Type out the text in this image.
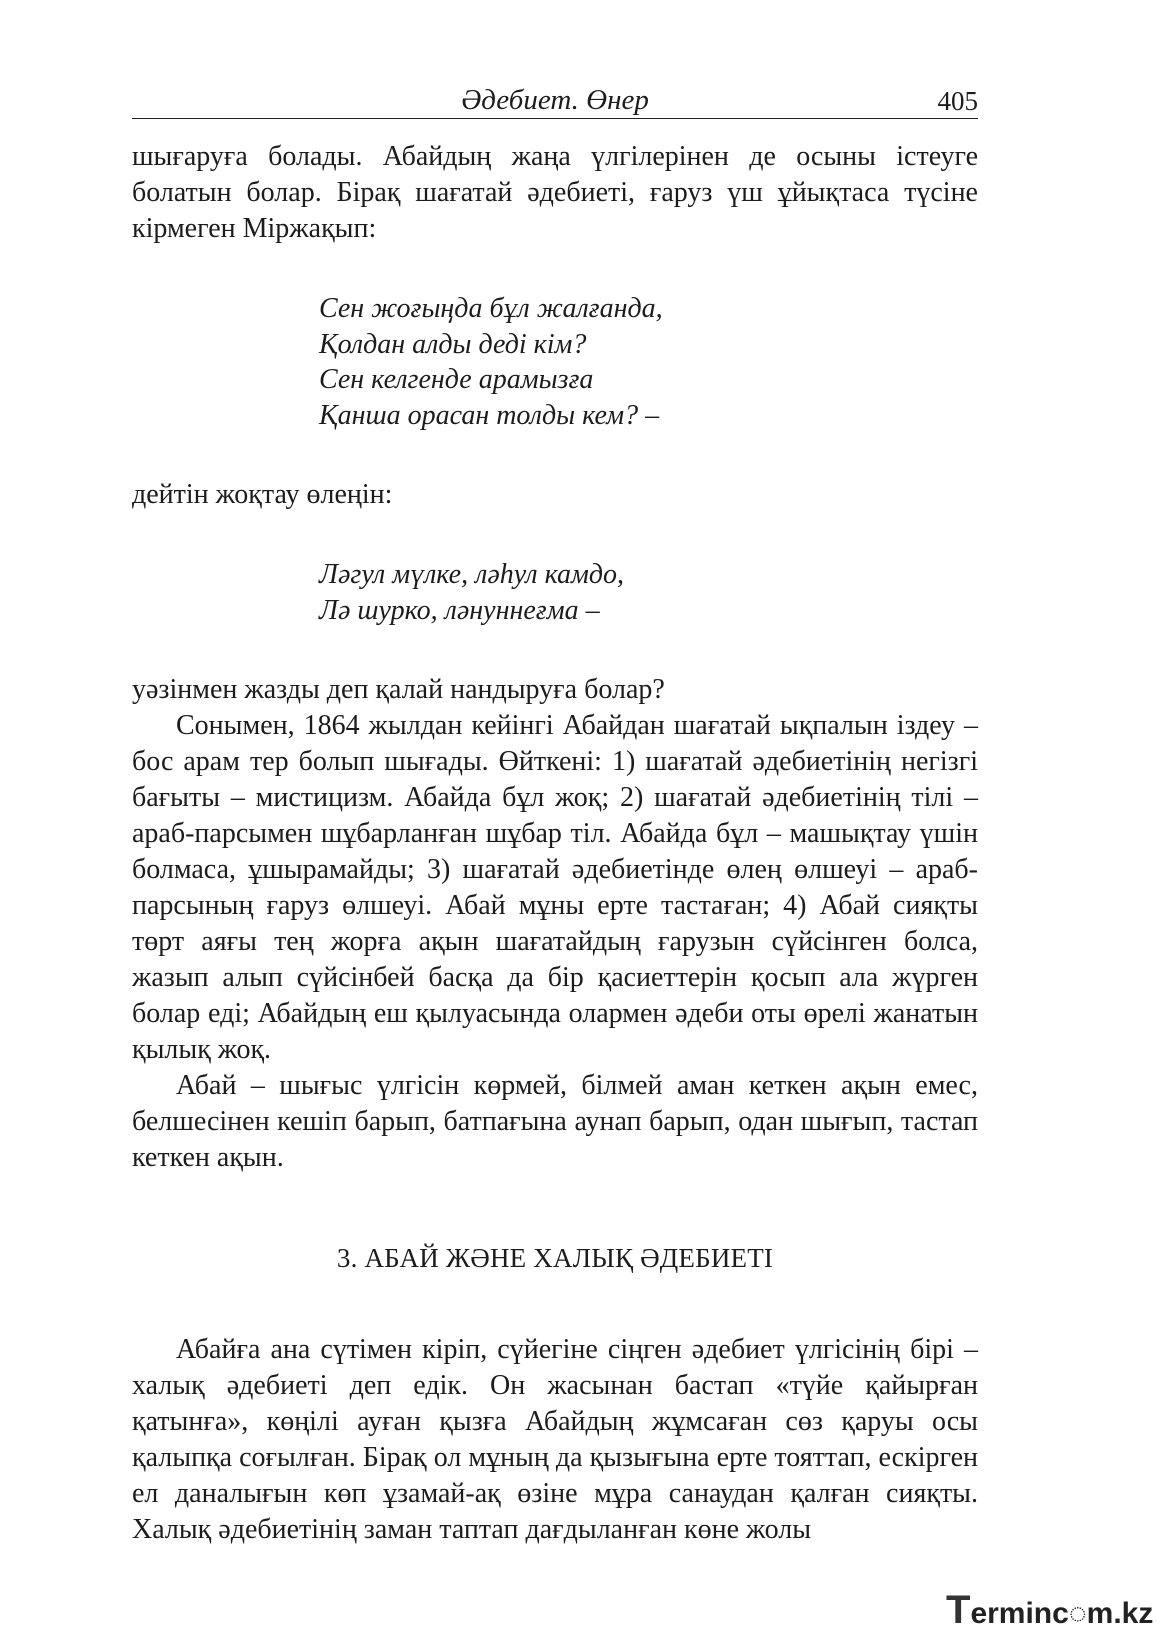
Әдебиет. Өнер	405

шығаруға болады. Абайдың жаңа үлгілерінен де осыны істеуге болатын болар. Бірақ шағатай әдебиеті, ғаруз үш ұйықтаса түсіне кірмеген Міржақып:

Сен жоғыңда бұл жалғанда,
Қолдан алды деді кім?
Сен келгенде арамызға
Қанша орасан толды кем? –

дейтін жоқтау өлеңін:

Ләгул мүлке, ләһул камдо,
Лә шурко, ләнуннеғма –

уәзінмен жазды деп қалай нандыруға болар?

Сонымен, 1864 жылдан кейінгі Абайдан шағатай ықпалын іздеу – бос арам тер болып шығады. Өйткені: 1) шағатай әдебиетінің негізгі бағыты – мистицизм. Абайда бұл жоқ; 2) шағатай әдебиетінің тілі – араб-парсымен шұбарланған шұбар тіл. Абайда бұл – машықтау үшін болмаса, ұшырамайды; 3) шағатай әдебиетінде өлең өлшеуі – араб-парсының ғаруз өлшеуі. Абай мұны ерте тастаған; 4) Абай сияқты төрт аяғы тең жорға ақын шағатайдың ғарузын сүйсінген болса, жазып алып сүйсінбей басқа да бір қасиеттерін қосып ала жүрген болар еді; Абайдың еш қылуасында олармен әдеби оты өрелі жанатын қылық жоқ.

Абай – шығыс үлгісін көрмей, білмей аман кеткен ақын емес, белшесінен кешіп барып, батпағына аунап барып, одан шығып, тастап кеткен ақын.

3. АБАЙ ЖӘНЕ ХАЛЫҚ ӘДЕБИЕТІ

Абайға ана сүтімен кіріп, сүйегіне сіңген әдебиет үлгісінің бірі – халық әдебиеті деп едік. Он жасынан бастап «түйе қайырған қатынға», көңілі ауған қызға Абайдың жұмсаған сөз қаруы осы қалыпқа соғылған. Бірақ ол мұның да қызығына ерте тояттап, ескірген ел даналығын көп ұзамай-ақ өзіне мұра санаудан қалған сияқты. Халық әдебиетінің заман таптап дағдыланған көне жолы

Terminc◌m.kz
